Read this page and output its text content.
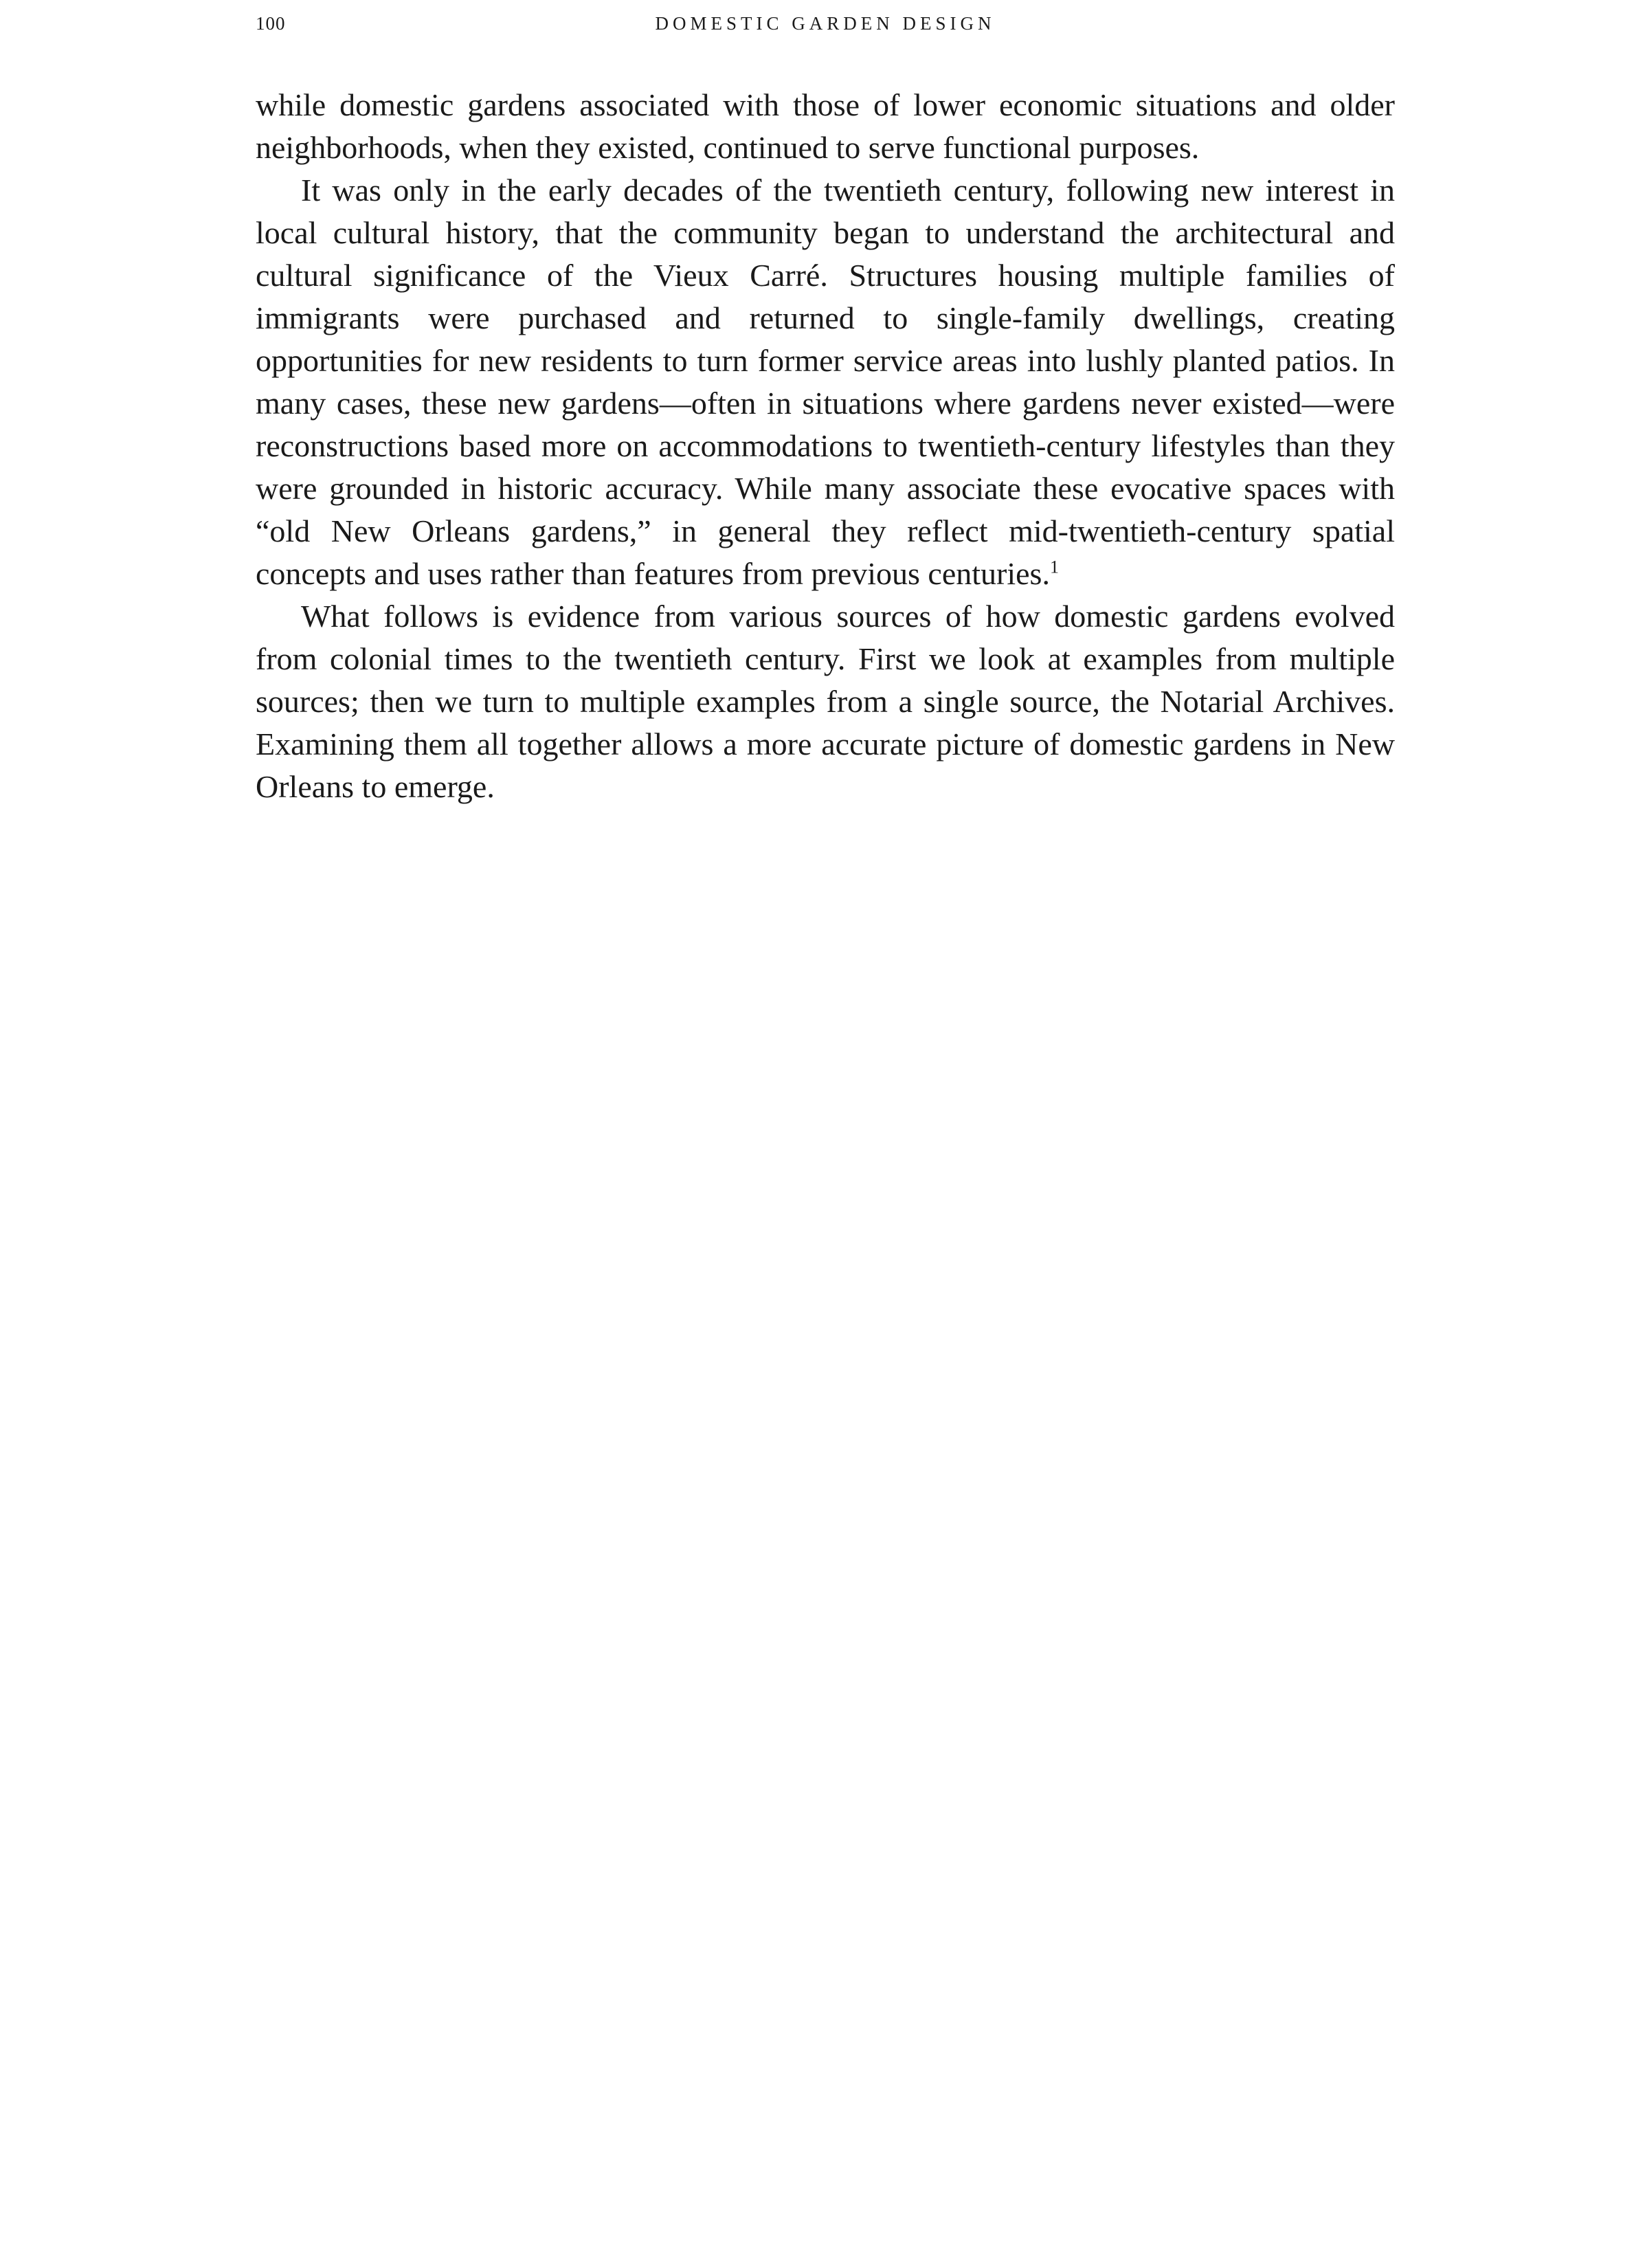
100	DOMESTIC GARDEN DESIGN

while domestic gardens associated with those of lower economic situations and older neighborhoods, when they existed, continued to serve functional purposes.

It was only in the early decades of the twentieth century, following new interest in local cultural history, that the community began to understand the architectural and cultural significance of the Vieux Carré. Structures housing multiple families of immigrants were purchased and returned to single-family dwellings, creating opportunities for new residents to turn former service areas into lushly planted patios. In many cases, these new gardens—often in situations where gardens never existed—were reconstructions based more on accommodations to twentieth-century lifestyles than they were grounded in historic accuracy. While many associate these evocative spaces with “old New Orleans gardens,” in general they reflect mid-twentieth-century spatial concepts and uses rather than features from previous centuries.$^1$

What follows is evidence from various sources of how domestic gardens evolved from colonial times to the twentieth century. First we look at examples from multiple sources; then we turn to multiple examples from a single source, the Notarial Archives. Examining them all together allows a more accurate picture of domestic gardens in New Orleans to emerge.
